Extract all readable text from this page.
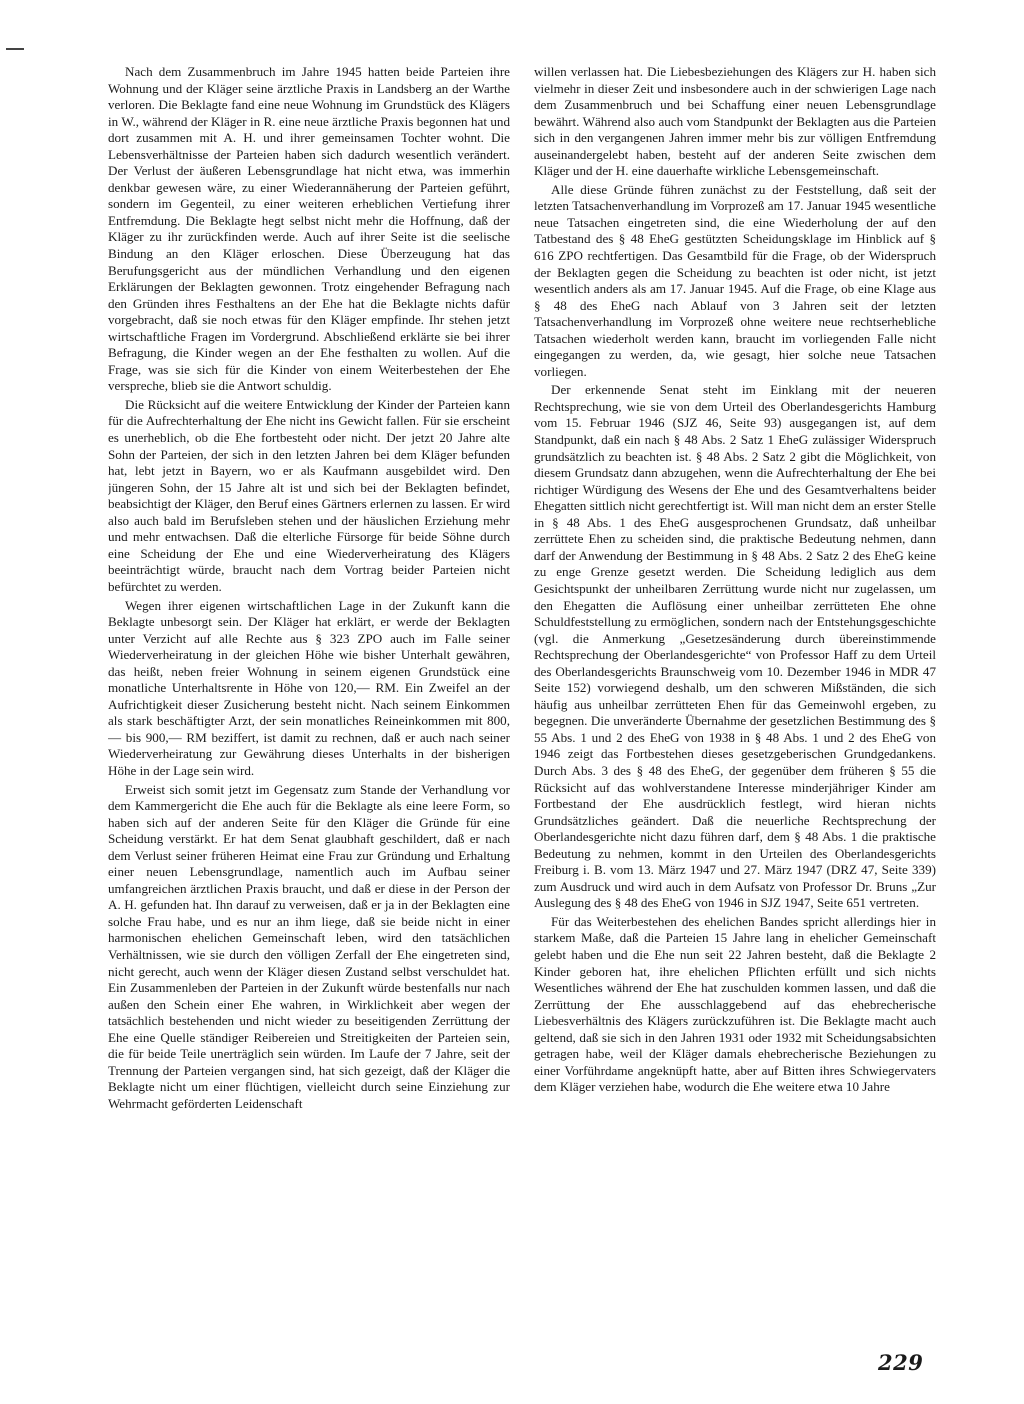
Nach dem Zusammenbruch im Jahre 1945 hatten beide Parteien ihre Wohnung und der Kläger seine ärztliche Praxis in Landsberg an der Warthe verloren. Die Beklagte fand eine neue Wohnung im Grundstück des Klägers in W., während der Kläger in R. eine neue ärztliche Praxis begonnen hat und dort zusammen mit A. H. und ihrer gemeinsamen Tochter wohnt. Die Lebensverhältnisse der Parteien haben sich dadurch wesentlich verändert. Der Verlust der äußeren Lebensgrundlage hat nicht etwa, was immerhin denkbar gewesen wäre, zu einer Wiederannäherung der Parteien geführt, sondern im Gegenteil, zu einer weiteren erheblichen Vertiefung ihrer Entfremdung. Die Beklagte hegt selbst nicht mehr die Hoffnung, daß der Kläger zu ihr zurückfinden werde. Auch auf ihrer Seite ist die seelische Bindung an den Kläger erloschen. Diese Überzeugung hat das Berufungsgericht aus der mündlichen Verhandlung und den eigenen Erklärungen der Beklagten gewonnen. Trotz eingehender Befragung nach den Gründen ihres Festhaltens an der Ehe hat die Beklagte nichts dafür vorgebracht, daß sie noch etwas für den Kläger empfinde. Ihr stehen jetzt wirtschaftliche Fragen im Vordergrund. Abschließend erklärte sie bei ihrer Befragung, die Kinder wegen an der Ehe festhalten zu wollen. Auf die Frage, was sie sich für die Kinder von einem Weiterbestehen der Ehe verspreche, blieb sie die Antwort schuldig.

Die Rücksicht auf die weitere Entwicklung der Kinder der Parteien kann für die Aufrechterhaltung der Ehe nicht ins Gewicht fallen. Für sie erscheint es unerheblich, ob die Ehe fortbesteht oder nicht. Der jetzt 20 Jahre alte Sohn der Parteien, der sich in den letzten Jahren bei dem Kläger befunden hat, lebt jetzt in Bayern, wo er als Kaufmann ausgebildet wird. Den jüngeren Sohn, der 15 Jahre alt ist und sich bei der Beklagten befindet, beabsichtigt der Kläger, den Beruf eines Gärtners erlernen zu lassen. Er wird also auch bald im Berufsleben stehen und der häuslichen Erziehung mehr und mehr entwachsen. Daß die elterliche Fürsorge für beide Söhne durch eine Scheidung der Ehe und eine Wiederverheiratung des Klägers beeinträchtigt würde, braucht nach dem Vortrag beider Parteien nicht befürchtet zu werden.

Wegen ihrer eigenen wirtschaftlichen Lage in der Zukunft kann die Beklagte unbesorgt sein. Der Kläger hat erklärt, er werde der Beklagten unter Verzicht auf alle Rechte aus § 323 ZPO auch im Falle seiner Wiederverheiratung in der gleichen Höhe wie bisher Unterhalt gewähren, das heißt, neben freier Wohnung in seinem eigenen Grundstück eine monatliche Unterhaltsrente in Höhe von 120,— RM. Ein Zweifel an der Aufrichtigkeit dieser Zusicherung besteht nicht. Nach seinem Einkommen als stark beschäftigter Arzt, der sein monatliches Reineinkommen mit 800,— bis 900,— RM beziffert, ist damit zu rechnen, daß er auch nach seiner Wiederverheiratung zur Gewährung dieses Unterhalts in der bisherigen Höhe in der Lage sein wird.

Erweist sich somit jetzt im Gegensatz zum Stande der Verhandlung vor dem Kammergericht die Ehe auch für die Beklagte als eine leere Form, so haben sich auf der anderen Seite für den Kläger die Gründe für eine Scheidung verstärkt. Er hat dem Senat glaubhaft geschildert, daß er nach dem Verlust seiner früheren Heimat eine Frau zur Gründung und Erhaltung einer neuen Lebensgrundlage, namentlich auch im Aufbau seiner umfangreichen ärztlichen Praxis braucht, und daß er diese in der Person der A. H. gefunden hat. Ihn darauf zu verweisen, daß er ja in der Beklagten eine solche Frau habe, und es nur an ihm liege, daß sie beide nicht in einer harmonischen ehelichen Gemeinschaft leben, wird den tatsächlichen Verhältnissen, wie sie durch den völligen Zerfall der Ehe eingetreten sind, nicht gerecht, auch wenn der Kläger diesen Zustand selbst verschuldet hat. Ein Zusammenleben der Parteien in der Zukunft würde bestenfalls nur nach außen den Schein einer Ehe wahren, in Wirklichkeit aber wegen der tatsächlich bestehenden und nicht wieder zu beseitigenden Zerrüttung der Ehe eine Quelle ständiger Reibereien und Streitigkeiten der Parteien sein, die für beide Teile unerträglich sein würden. Im Laufe der 7 Jahre, seit der Trennung der Parteien vergangen sind, hat sich gezeigt, daß der Kläger die Beklagte nicht um einer flüchtigen, vielleicht durch seine Einziehung zur Wehrmacht geförderten Leidenschaft

willen verlassen hat. Die Liebesbeziehungen des Klägers zur H. haben sich vielmehr in dieser Zeit und insbesondere auch in der schwierigen Lage nach dem Zusammenbruch und bei Schaffung einer neuen Lebensgrundlage bewährt. Während also auch vom Standpunkt der Beklagten aus die Parteien sich in den vergangenen Jahren immer mehr bis zur völligen Entfremdung auseinandergelebt haben, besteht auf der anderen Seite zwischen dem Kläger und der H. eine dauerhafte wirkliche Lebensgemeinschaft.

Alle diese Gründe führen zunächst zu der Feststellung, daß seit der letzten Tatsachenverhandlung im Vorprozeß am 17. Januar 1945 wesentliche neue Tatsachen eingetreten sind, die eine Wiederholung der auf den Tatbestand des § 48 EheG gestützten Scheidungsklage im Hinblick auf § 616 ZPO rechtfertigen. Das Gesamtbild für die Frage, ob der Widerspruch der Beklagten gegen die Scheidung zu beachten ist oder nicht, ist jetzt wesentlich anders als am 17. Januar 1945. Auf die Frage, ob eine Klage aus § 48 des EheG nach Ablauf von 3 Jahren seit der letzten Tatsachenverhandlung im Vorprozeß ohne weitere neue rechtserhebliche Tatsachen wiederholt werden kann, braucht im vorliegenden Falle nicht eingegangen zu werden, da, wie gesagt, hier solche neue Tatsachen vorliegen.

Der erkennende Senat steht im Einklang mit der neueren Rechtsprechung, wie sie von dem Urteil des Oberlandesgerichts Hamburg vom 15. Februar 1946 (SJZ 46, Seite 93) ausgegangen ist, auf dem Standpunkt, daß ein nach § 48 Abs. 2 Satz 1 EheG zulässiger Widerspruch grundsätzlich zu beachten ist. § 48 Abs. 2 Satz 2 gibt die Möglichkeit, von diesem Grundsatz dann abzugehen, wenn die Aufrechterhaltung der Ehe bei richtiger Würdigung des Wesens der Ehe und des Gesamtverhaltens beider Ehegatten sittlich nicht gerechtfertigt ist. Will man nicht dem an erster Stelle in § 48 Abs. 1 des EheG ausgesprochenen Grundsatz, daß unheilbar zerrüttete Ehen zu scheiden sind, die praktische Bedeutung nehmen, dann darf der Anwendung der Bestimmung in § 48 Abs. 2 Satz 2 des EheG keine zu enge Grenze gesetzt werden. Die Scheidung lediglich aus dem Gesichtspunkt der unheilbaren Zerrüttung wurde nicht nur zugelassen, um den Ehegatten die Auflösung einer unheilbar zerrütteten Ehe ohne Schuldfeststellung zu ermöglichen, sondern nach der Entstehungsgeschichte (vgl. die Anmerkung „Gesetzesänderung durch übereinstimmende Rechtsprechung der Oberlandesgerichte“ von Professor Haff zu dem Urteil des Oberlandesgerichts Braunschweig vom 10. Dezember 1946 in MDR 47 Seite 152) vorwiegend deshalb, um den schweren Mißständen, die sich häufig aus unheilbar zerrütteten Ehen für das Gemeinwohl ergeben, zu begegnen. Die unveränderte Übernahme der gesetzlichen Bestimmung des § 55 Abs. 1 und 2 des EheG von 1938 in § 48 Abs. 1 und 2 des EheG von 1946 zeigt das Fortbestehen dieses gesetzgeberischen Grundgedankens. Durch Abs. 3 des § 48 des EheG, der gegenüber dem früheren § 55 die Rücksicht auf das wohlverstandene Interesse minderjähriger Kinder am Fortbestand der Ehe ausdrücklich festlegt, wird hieran nichts Grundsätzliches geändert. Daß die neuerliche Rechtsprechung der Oberlandesgerichte nicht dazu führen darf, dem § 48 Abs. 1 die praktische Bedeutung zu nehmen, kommt in den Urteilen des Oberlandesgerichts Freiburg i. B. vom 13. März 1947 und 27. März 1947 (DRZ 47, Seite 339) zum Ausdruck und wird auch in dem Aufsatz von Professor Dr. Bruns „Zur Auslegung des § 48 des EheG von 1946 in SJZ 1947, Seite 651 vertreten.

Für das Weiterbestehen des ehelichen Bandes spricht allerdings hier in starkem Maße, daß die Parteien 15 Jahre lang in ehelicher Gemeinschaft gelebt haben und die Ehe nun seit 22 Jahren besteht, daß die Beklagte 2 Kinder geboren hat, ihre ehelichen Pflichten erfüllt und sich nichts Wesentliches während der Ehe hat zuschulden kommen lassen, und daß die Zerrüttung der Ehe ausschlaggebend auf das ehebrecherische Liebesverhältnis des Klägers zurückzuführen ist. Die Beklagte macht auch geltend, daß sie sich in den Jahren 1931 oder 1932 mit Scheidungsabsichten getragen habe, weil der Kläger damals ehebrecherische Beziehungen zu einer Vorführdame angeknüpft hatte, aber auf Bitten ihres Schwiegervaters dem Kläger verziehen habe, wodurch die Ehe weitere etwa 10 Jahre

229
